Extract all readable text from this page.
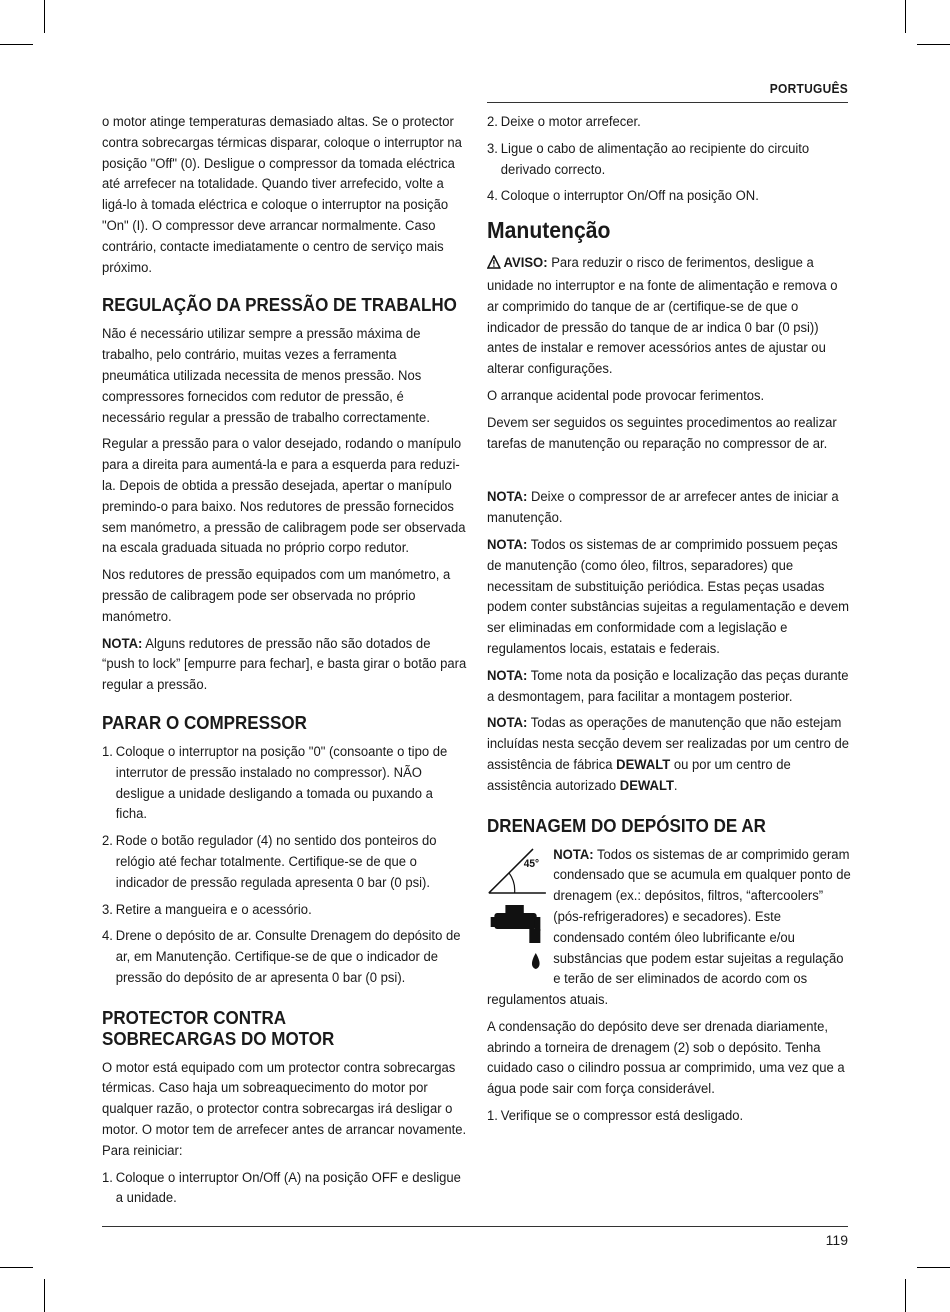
PORTUGUÊS

o motor atinge temperaturas demasiado altas. Se o protector contra sobrecargas térmicas disparar, coloque o interruptor na posição "Off" (0). Desligue o compressor da tomada eléctrica até arrefecer na totalidade. Quando tiver arrefecido, volte a ligá-lo à tomada eléctrica e coloque o interruptor na posição "On" (I). O compressor deve arrancar normalmente. Caso contrário, contacte imediatamente o centro de serviço mais próximo.

REGULAÇÃO DA PRESSÃO DE TRABALHO

Não é necessário utilizar sempre a pressão máxima de trabalho, pelo contrário, muitas vezes a ferramenta pneumática utilizada necessita de menos pressão. Nos compressores fornecidos com redutor de pressão, é necessário regular a pressão de trabalho correctamente.

Regular a pressão para o valor desejado, rodando o manípulo para a direita para aumentá-la e para a esquerda para reduzi-la. Depois de obtida a pressão desejada, apertar o manípulo premindo-o para baixo. Nos redutores de pressão fornecidos sem manómetro, a pressão de calibragem pode ser observada na escala graduada situada no próprio corpo redutor.

Nos redutores de pressão equipados com um manómetro, a pressão de calibragem pode ser observada no próprio manómetro.

NOTA: Alguns redutores de pressão não são dotados de “push to lock” [empurre para fechar], e basta girar o botão para regular a pressão.

PARAR O COMPRESSOR
1. Coloque o interruptor na posição "0" (consoante o tipo de interrutor de pressão instalado no compressor). NÃO desligue a unidade desligando a tomada ou puxando a ficha.
2. Rode o botão regulador (4) no sentido dos ponteiros do relógio até fechar totalmente. Certifique-se de que o indicador de pressão regulada apresenta 0 bar (0 psi).
3. Retire a mangueira e o acessório.
4. Drene o depósito de ar. Consulte Drenagem do depósito de ar, em Manutenção. Certifique-se de que o indicador de pressão do depósito de ar apresenta 0 bar (0 psi).
PROTECTOR CONTRA
SOBRECARGAS DO MOTOR

O motor está equipado com um protector contra sobrecargas térmicas. Caso haja um sobreaquecimento do motor por qualquer razão, o protector contra sobrecargas irá desligar o motor. O motor tem de arrefecer antes de arrancar novamente. Para reiniciar:

1. Coloque o interruptor On/Off (A) na posição OFF e desligue a unidade.
2. Deixe o motor arrefecer.
3. Ligue o cabo de alimentação ao recipiente do circuito derivado correcto.
4. Coloque o interruptor On/Off na posição ON.
Manutenção

AVISO: Para reduzir o risco de ferimentos, desligue a unidade no interruptor e na fonte de alimentação e remova o ar comprimido do tanque de ar (certifique-se de que o indicador de pressão do tanque de ar indica 0 bar (0 psi)) antes de instalar e remover acessórios antes de ajustar ou alterar configurações.

O arranque acidental pode provocar ferimentos.

Devem ser seguidos os seguintes procedimentos ao realizar tarefas de manutenção ou reparação no compressor de ar.

NOTA: Deixe o compressor de ar arrefecer antes de iniciar a manutenção.

NOTA: Todos os sistemas de ar comprimido possuem peças de manutenção (como óleo, filtros, separadores) que necessitam de substituição periódica. Estas peças usadas podem conter substâncias sujeitas a regulamentação e devem ser eliminadas em conformidade com a legislação e regulamentos locais, estatais e federais.

NOTA: Tome nota da posição e localização das peças durante a desmontagem, para facilitar a montagem posterior.

NOTA: Todas as operações de manutenção que não estejam incluídas nesta secção devem ser realizadas por um centro de assistência de fábrica DEWALT ou por um centro de assistência autorizado DEWALT.

DRENAGEM DO DEPÓSITO DE AR
45°

NOTA: Todos os sistemas de ar comprimido geram condensado que se acumula em qualquer ponto de drenagem (ex.: depósitos, filtros, “aftercoolers” (pós-refrigeradores) e secadores). Este condensado contém óleo lubrificante e/ou substâncias que podem estar sujeitas a regulação e terão de ser eliminados de acordo com os regulamentos atuais.

A condensação do depósito deve ser drenada diariamente, abrindo a torneira de drenagem (2) sob o depósito. Tenha cuidado caso o cilindro possua ar comprimido, uma vez que a água pode sair com força considerável.

1. Verifique se o compressor está desligado.
119
